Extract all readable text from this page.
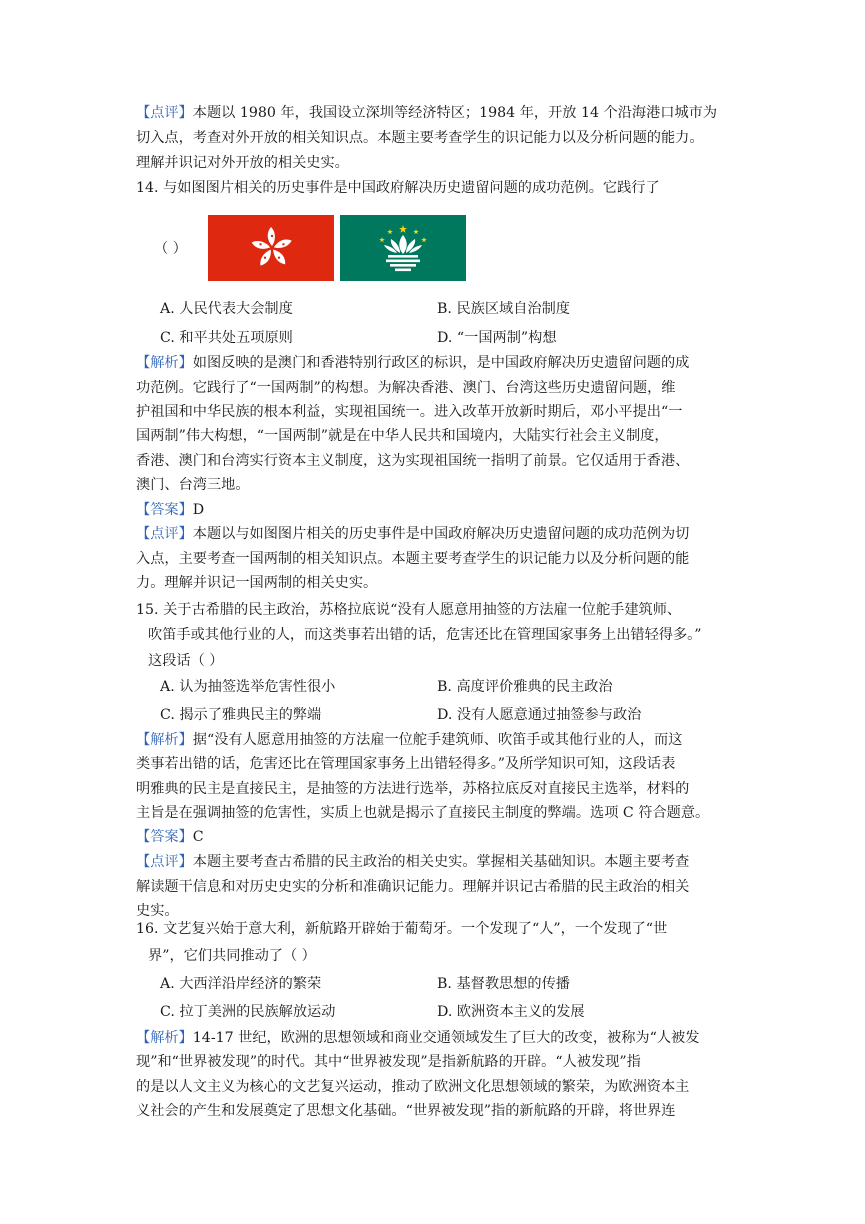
【点评】本题以 1980 年，我国设立深圳等经济特区；1984 年，开放 14 个沿海港口城市为
切入点，考查对外开放的相关知识点。本题主要考查学生的识记能力以及分析问题的能力。
理解并识记对外开放的相关史实。
14. 与如图图片相关的历史事件是中国政府解决历史遗留问题的成功范例。它践行了
（ ）
A. 人民代表大会制度	B. 民族区域自治制度
C. 和平共处五项原则	D. “一国两制”构想
【解析】如图反映的是澳门和香港特别行政区的标识，是中国政府解决历史遗留问题的成
功范例。它践行了“一国两制”的构想。为解决香港、澳门、台湾这些历史遗留问题，维
护祖国和中华民族的根本利益，实现祖国统一。进入改革开放新时期后，邓小平提出“一
国两制”伟大构想，“一国两制”就是在中华人民共和国境内，大陆实行社会主义制度，
香港、澳门和台湾实行资本主义制度，这为实现祖国统一指明了前景。它仅适用于香港、
澳门、台湾三地。
【答案】D
【点评】本题以与如图图片相关的历史事件是中国政府解决历史遗留问题的成功范例为切
入点，主要考查一国两制的相关知识点。本题主要考查学生的识记能力以及分析问题的能
力。理解并识记一国两制的相关史实。
15. 关于古希腊的民主政治，苏格拉底说“没有人愿意用抽签的方法雇一位舵手建筑师、
吹笛手或其他行业的人，而这类事若出错的话，危害还比在管理国家事务上出错轻得多。”
这段话（ ）
A. 认为抽签选举危害性很小	B. 高度评价雅典的民主政治
C. 揭示了雅典民主的弊端	D. 没有人愿意通过抽签参与政治
【解析】据“没有人愿意用抽签的方法雇一位舵手建筑师、吹笛手或其他行业的人，而这
类事若出错的话，危害还比在管理国家事务上出错轻得多。”及所学知识可知，这段话表
明雅典的民主是直接民主，是抽签的方法进行选举，苏格拉底反对直接民主选举，材料的
主旨是在强调抽签的危害性，实质上也就是揭示了直接民主制度的弊端。选项 C 符合题意。
【答案】C
【点评】本题主要考查古希腊的民主政治的相关史实。掌握相关基础知识。本题主要考查
解读题干信息和对历史史实的分析和准确识记能力。理解并识记古希腊的民主政治的相关
史实。
16. 文艺复兴始于意大利，新航路开辟始于葡萄牙。一个发现了“人”，一个发现了“世
界”，它们共同推动了（ ）
A. 大西洋沿岸经济的繁荣	B. 基督教思想的传播
C. 拉丁美洲的民族解放运动	D. 欧洲资本主义的发展
【解析】14-17 世纪，欧洲的思想领域和商业交通领域发生了巨大的改变，被称为“人被发
现”和“世界被发现”的时代。其中“世界被发现”是指新航路的开辟。“人被发现”指
的是以人文主义为核心的文艺复兴运动，推动了欧洲文化思想领域的繁荣，为欧洲资本主
义社会的产生和发展奠定了思想文化基础。“世界被发现”指的新航路的开辟，将世界连
